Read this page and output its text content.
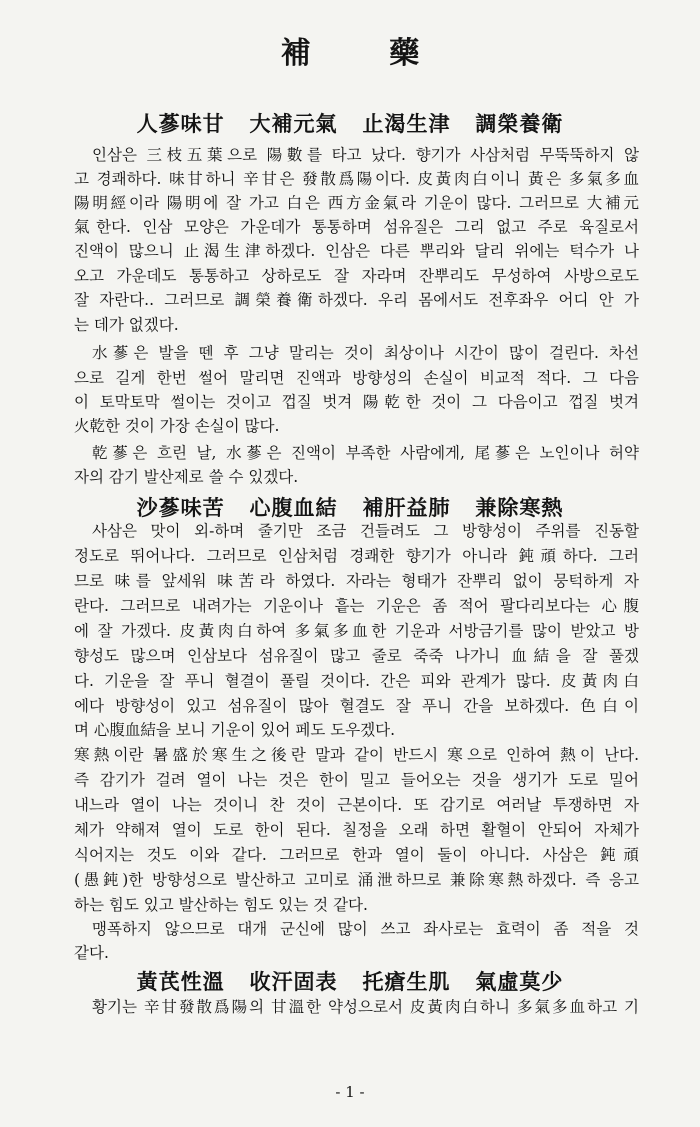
補 藥
人蔘味甘   大補元氣   止渴生津   調榮養衛
인삼은 三枝五葉으로 陽數를 타고 났다. 향기가 사삼처럼 무뚝뚝하지 않
고 경쾌하다. 味甘하니 辛甘은 發散爲陽이다. 皮黃肉白이니 黃은 多氣多血
陽明經이라 陽明에 잘 가고 白은 西方金氣라 기운이 많다. 그러므로 大補元
氣한다. 인삼 모양은 가운데가 통통하며 섬유질은 그리 없고 주로 육질로서
진액이 많으니 止渴生津하겠다. 인삼은 다른 뿌리와 달리 위에는 턱수가 나
오고 가운데도 통통하고 상하로도 잘 자라며 잔뿌리도 무성하여 사방으로도
잘 자란다.. 그러므로 調榮養衛하겠다. 우리 몸에서도 전후좌우 어디 안 가
는 데가 없겠다.
水蔘은 발을 뗀 후 그냥 말리는 것이 최상이나 시간이 많이 걸린다. 차선
으로 길게 한번 썰어 말리면 진액과 방향성의 손실이 비교적 적다. 그 다음
이 토막토막 썰이는 것이고 껍질 벗겨 陽乾한 것이 그 다음이고 껍질 벗겨
火乾한 것이 가장 손실이 많다.
乾蔘은 흐린 날, 水蔘은 진액이 부족한 사람에게, 尾蔘은 노인이나 허약
자의 감기 발산제로 쓸 수 있겠다.
沙蔘味苦   心腹血結   補肝益肺   兼除寒熱
사삼은 맛이 외-하며 줄기만 조금 건들려도 그 방향성이 주위를 진동할
정도로 뛰어나다. 그러므로 인삼처럼 경쾌한 향기가 아니라 鈍頑하다. 그러
므로 味를 앞세워 味苦라 하였다. 자라는 형태가 잔뿌리 없이 뭉턱하게 자
란다. 그러므로 내려가는 기운이나 흩는 기운은 좀 적어 팔다리보다는 心腹
에 잘 가겠다. 皮黃肉白하여 多氣多血한 기운과 서방금기를 많이 받았고 방
향성도 많으며 인삼보다 섬유질이 많고 줄로 죽죽 나가니 血結을 잘 풀겠
다. 기운을 잘 푸니 혈결이 풀릴 것이다. 간은 피와 관계가 많다. 皮黃肉白
에다 방향성이 있고 섬유질이 많아 혈결도 잘 푸니 간을 보하겠다. 色白이
며 心腹血結을 보니 기운이 있어 페도 도우겠다.
寒熱이란 暑盛於寒生之後란 말과 같이 반드시 寒으로 인하여 熱이 난다.
즉 감기가 걸려 열이 나는 것은 한이 밀고 들어오는 것을 생기가 도로 밀어
내느라 열이 나는 것이니 찬 것이 근본이다. 또 감기로 여러날 투쟁하면 자
체가 약해져 열이 도로 한이 된다. 칠정을 오래 하면 활혈이 안되어 자체가
식어지는 것도 이와 같다. 그러므로 한과 열이 둘이 아니다. 사삼은 鈍頑
(愚鈍)한 방향성으로 발산하고 고미로 涌泄하므로 兼除寒熱하겠다. 즉 응고
하는 힘도 있고 발산하는 힘도 있는 것 같다.
맹폭하지 않으므로 대개 군신에 많이 쓰고 좌사로는 효력이 좀 적을 것
같다.
黃芪性溫   收汗固表   托瘡生肌   氣虛莫少
황기는 辛甘發散爲陽의 甘溫한 약성으로서 皮黃肉白하니 多氣多血하고 기
- 1 -
